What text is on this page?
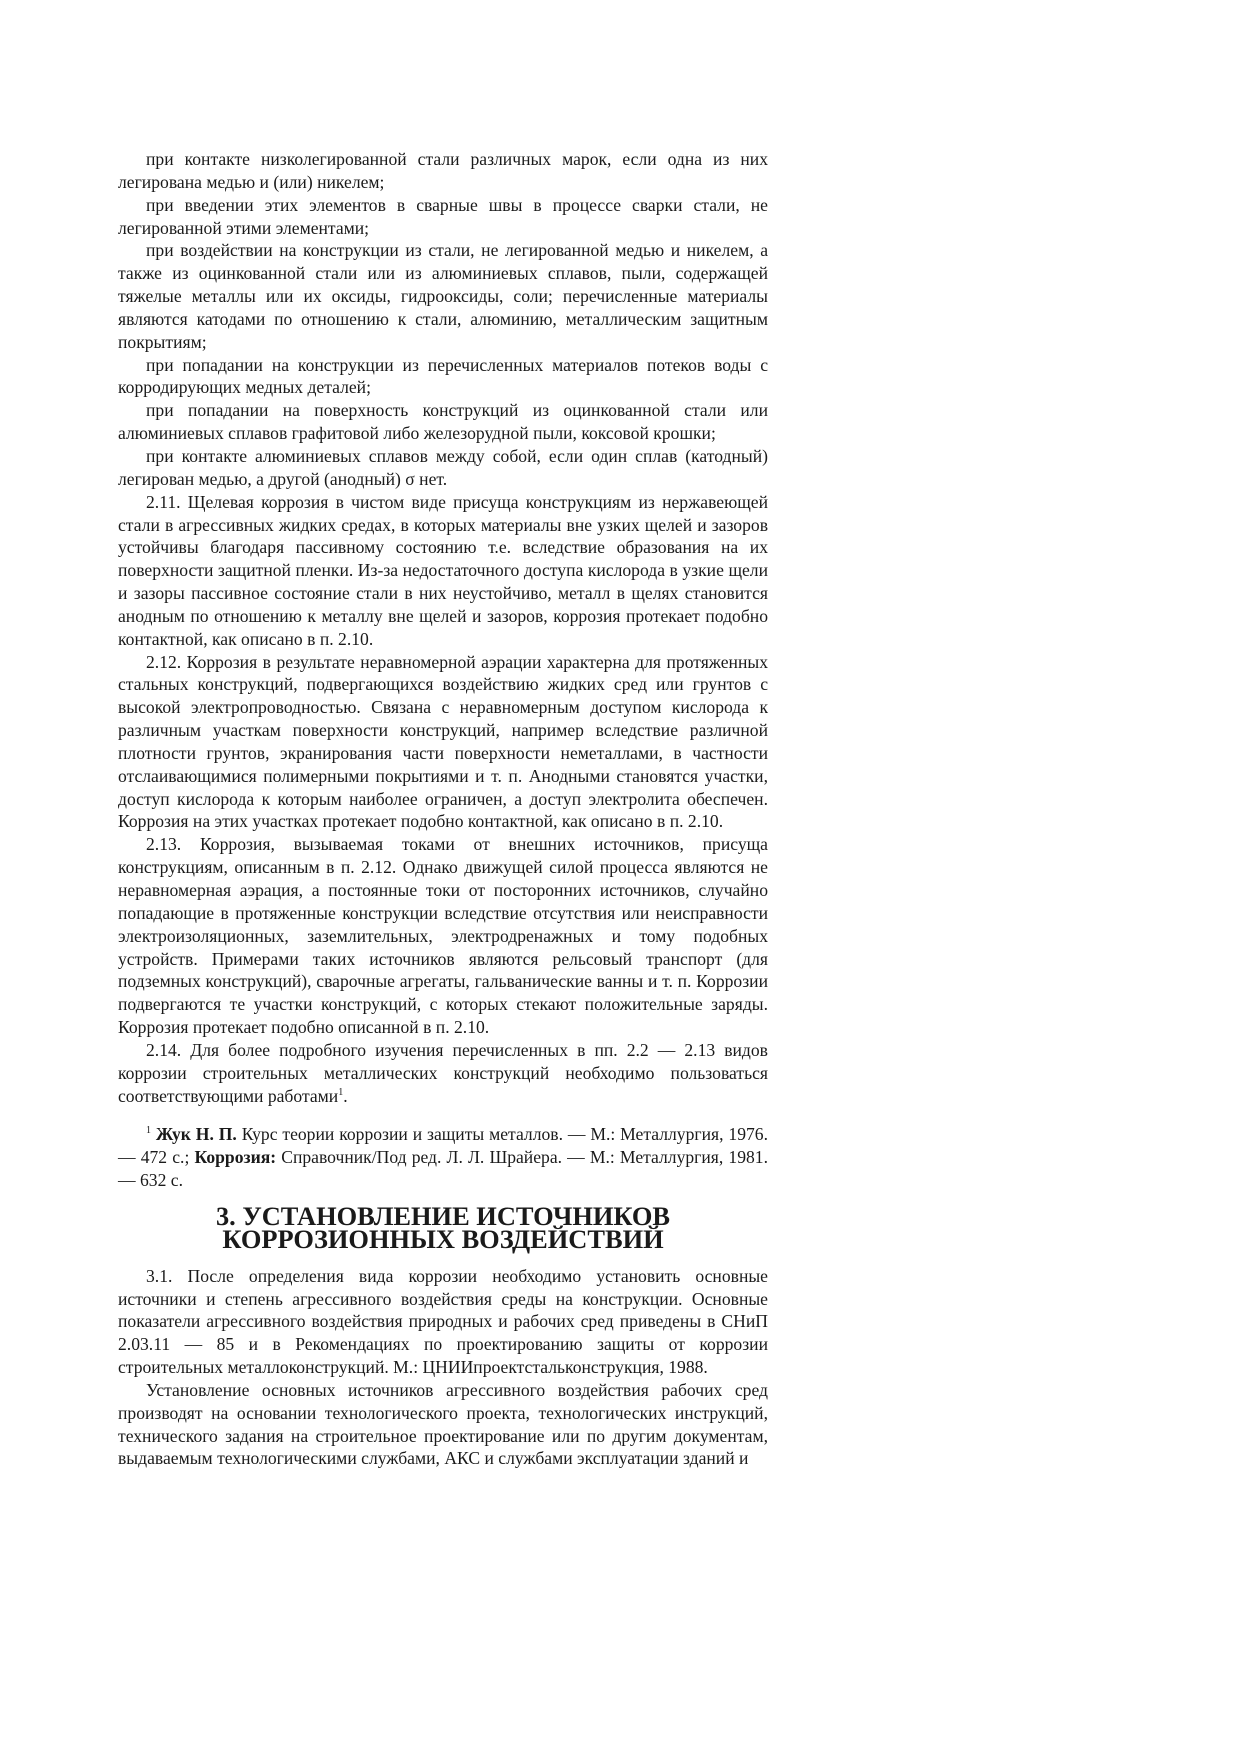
при контакте низколегированной стали различных марок, если одна из них легирована медью и (или) никелем;

при введении этих элементов в сварные швы в процессе сварки стали, не легированной этими элементами;

при воздействии на конструкции из стали, не легированной медью и никелем, а также из оцинкованной стали или из алюминиевых сплавов, пыли, содержащей тяжелые металлы или их оксиды, гидрооксиды, соли; перечисленные материалы являются катодами по отношению к стали, алюминию, металлическим защитным покрытиям;

при попадании на конструкции из перечисленных материалов потеков воды с корродирующих медных деталей;

при попадании на поверхность конструкций из оцинкованной стали или алюминиевых сплавов графитовой либо железорудной пыли, коксовой крошки;

при контакте алюминиевых сплавов между собой, если один сплав (катодный) легирован медью, а другой (анодный) σ нет.

2.11. Щелевая коррозия в чистом виде присуща конструкциям из нержавеющей стали в агрессивных жидких средах, в которых материалы вне узких щелей и зазоров устойчивы благодаря пассивному состоянию т.е. вследствие образования на их поверхности защитной пленки. Из-за недостаточного доступа кислорода в узкие щели и зазоры пассивное состояние стали в них неустойчиво, металл в щелях становится анодным по отношению к металлу вне щелей и зазоров, коррозия протекает подобно контактной, как описано в п. 2.10.

2.12. Коррозия в результате неравномерной аэрации характерна для протяженных стальных конструкций, подвергающихся воздействию жидких сред или грунтов с высокой электропроводностью. Связана с неравномерным доступом кислорода к различным участкам поверхности конструкций, например вследствие различной плотности грунтов, экранирования части поверхности неметаллами, в частности отслаивающимися полимерными покрытиями и т. п. Анодными становятся участки, доступ кислорода к которым наиболее ограничен, а доступ электролита обеспечен. Коррозия на этих участках протекает подобно контактной, как описано в п. 2.10.

2.13. Коррозия, вызываемая токами от внешних источников, присуща конструкциям, описанным в п. 2.12. Однако движущей силой процесса являются не неравномерная аэрация, а постоянные токи от посторонних источников, случайно попадающие в протяженные конструкции вследствие отсутствия или неисправности электроизоляционных, заземлительных, электродренажных и тому подобных устройств. Примерами таких источников являются рельсовый транспорт (для подземных конструкций), сварочные агрегаты, гальванические ванны и т. п. Коррозии подвергаются те участки конструкций, с которых стекают положительные заряды. Коррозия протекает подобно описанной в п. 2.10.

2.14. Для более подробного изучения перечисленных в пп. 2.2 — 2.13 видов коррозии строительных металлических конструкций необходимо пользоваться соответствующими работами$^1$.

$^1$ Жук Н. П. Курс теории коррозии и защиты металлов. — М.: Металлургия, 1976. — 472 с.; Коррозия: Справочник/Под ред. Л. Л. Шрайера. — М.: Металлургия, 1981. — 632 с.

3. УСТАНОВЛЕНИЕ ИСТОЧНИКОВ КОРРОЗИОННЫХ ВОЗДЕЙСТВИЙ

3.1. После определения вида коррозии необходимо установить основные источники и степень агрессивного воздействия среды на конструкции. Основные показатели агрессивного воздействия природных и рабочих сред приведены в СНиП 2.03.11 — 85 и в Рекомендациях по проектированию защиты от коррозии строительных металлоконструкций. М.: ЦНИИпроектстальконструкция, 1988.

Установление основных источников агрессивного воздействия рабочих сред производят на основании технологического проекта, технологических инструкций, технического задания на строительное проектирование или по другим документам, выдаваемым технологическими службами, АКС и службами эксплуатации зданий и
